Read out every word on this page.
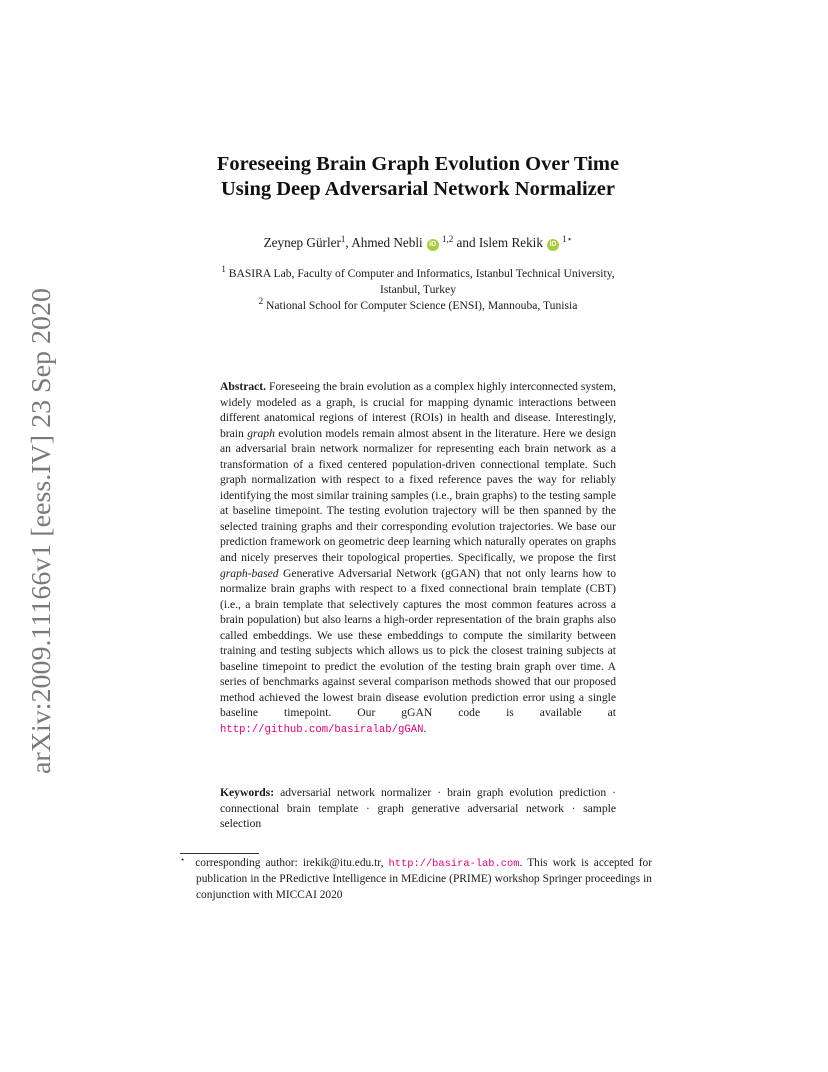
arXiv:2009.11166v1 [eess.IV] 23 Sep 2020
Foreseeing Brain Graph Evolution Over Time
Using Deep Adversarial Network Normalizer
Zeynep Gürler$^1$, Ahmed Nebli iD $^{1,2}$ and Islem Rekik iD $^{1⋆}$
$^1$ BASIRA Lab, Faculty of Computer and Informatics, Istanbul Technical University,
Istanbul, Turkey
$^2$ National School for Computer Science (ENSI), Mannouba, Tunisia
Abstract. Foreseeing the brain evolution as a complex highly interconnected system, widely modeled as a graph, is crucial for mapping dynamic interactions between different anatomical regions of interest (ROIs) in health and disease. Interestingly, brain graph evolution models remain almost absent in the literature. Here we design an adversarial brain network normalizer for representing each brain network as a transformation of a fixed centered population-driven connectional template. Such graph normalization with respect to a fixed reference paves the way for reliably identifying the most similar training samples (i.e., brain graphs) to the testing sample at baseline timepoint. The testing evolution trajectory will be then spanned by the selected training graphs and their corresponding evolution trajectories. We base our prediction framework on geometric deep learning which naturally operates on graphs and nicely preserves their topological properties. Specifically, we propose the first graph-based Generative Adversarial Network (gGAN) that not only learns how to normalize brain graphs with respect to a fixed connectional brain template (CBT) (i.e., a brain template that selectively captures the most common features across a brain population) but also learns a high-order representation of the brain graphs also called embeddings. We use these embeddings to compute the similarity between training and testing subjects which allows us to pick the closest training subjects at baseline timepoint to predict the evolution of the testing brain graph over time. A series of benchmarks against several comparison methods showed that our proposed method achieved the lowest brain disease evolution prediction error using a single baseline timepoint. Our gGAN code is available at http://github.com/basiralab/gGAN.
Keywords: adversarial network normalizer · brain graph evolution prediction · connectional brain template · graph generative adversarial network · sample selection
⋆  corresponding author: irekik@itu.edu.tr, http://basira-lab.com. This work is accepted for publication in the PRedictive Intelligence in MEdicine (PRIME) workshop Springer proceedings in conjunction with MICCAI 2020
